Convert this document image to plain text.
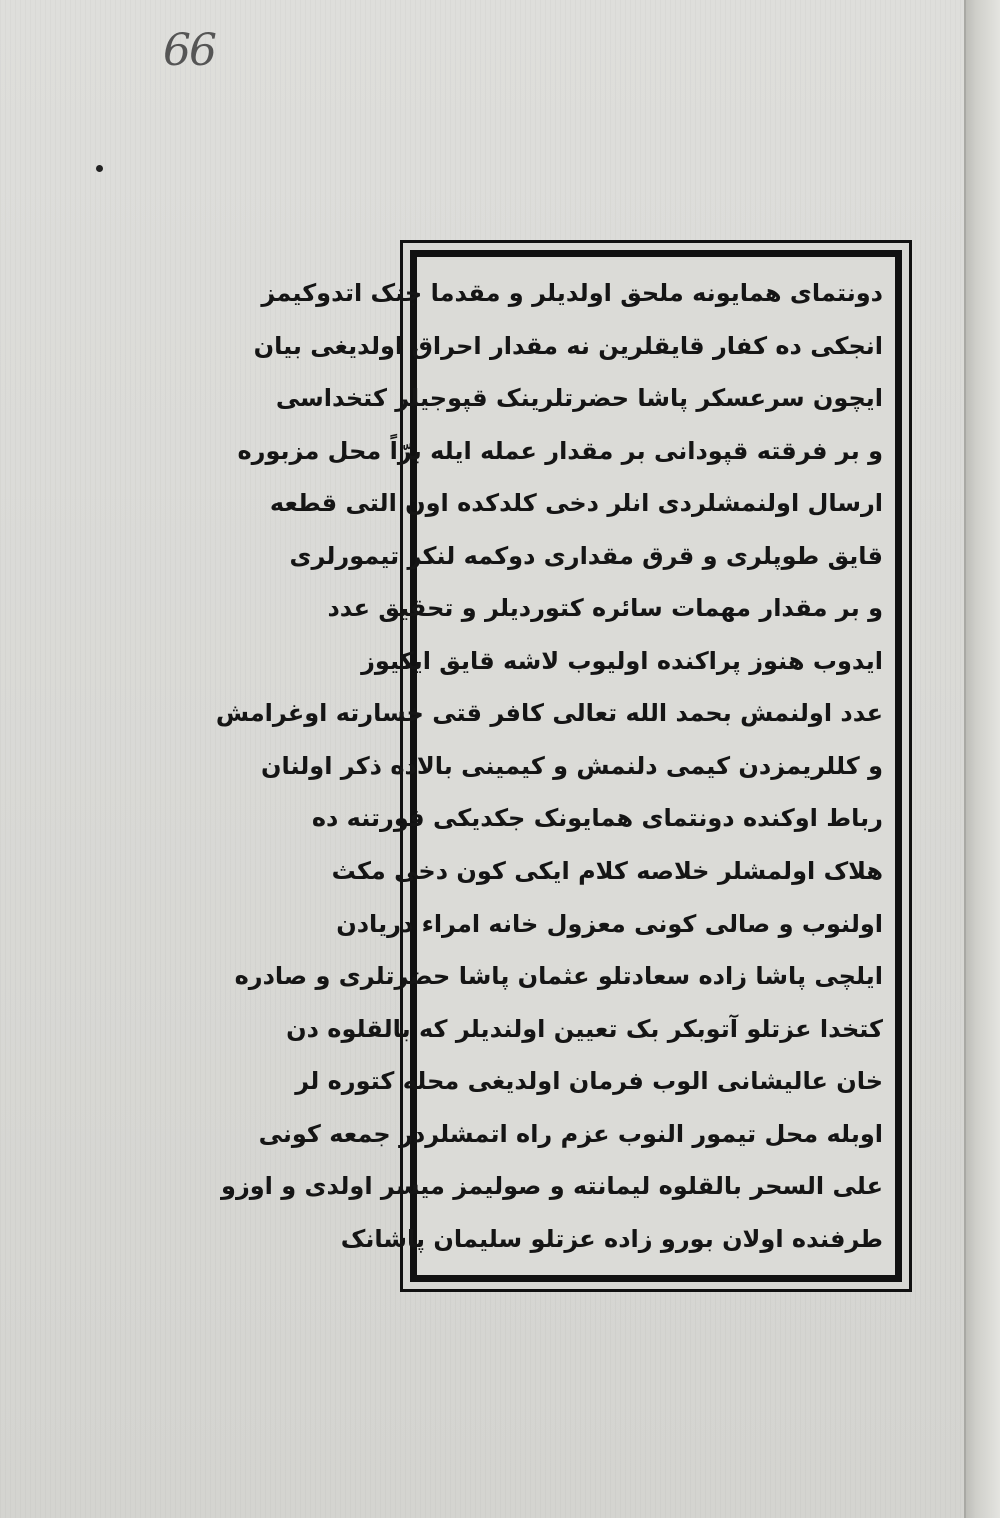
66
دونتمای همایونه ملحق اولدیلر و مقدما جنک اتدوکیمز
انجکی ده کفار قایقلرین نه مقدار احراق اولدیغی بیان
ایچون سرعسکر پاشا حضرتلرینک قپوجیلر کتخداسی
و بر فرقته قپودانی بر مقدار عمله ایله برّاً محل مزبوره
ارسال اولنمشلردی انلر دخی کلدکده اون التی قطعه
قایق طوپلری و قرق مقداری دوکمه لنکر تیمورلری
و بر مقدار مهمات سائره کتوردیلر و تحقیق عدد
ایدوب هنوز پراکنده اولیوب لاشه قایق ایکیوز
عدد اولنمش بحمد الله تعالی کافر قتی خسارته اوغرامش
و کللریمزدن کیمی دلنمش و کیمینی بالاده ذکر اولنان
رباط اوکنده دونتمای همایونک جکدیکی فورتنه ده
هلاک اولمشلر خلاصه کلام ایکی کون دخی مکث
اولنوب و صالی کونی معزول خانه امراء دریادن
ایلچی پاشا زاده سعادتلو عثمان پاشا حضرتلری و صادره
کتخدا عزتلو آتوبکر بک تعیین اولندیلر که بالقلوه دن
خان عالیشانی الوب فرمان اولدیغی محله کتوره لر
اوبله محل تیمور النوب عزم راه اتمشلردر جمعه کونی
علی السحر بالقلوه لیمانته و صولیمز میسر اولدی و اوزو
طرفنده اولان بورو زاده عزتلو سلیمان پاشانک
